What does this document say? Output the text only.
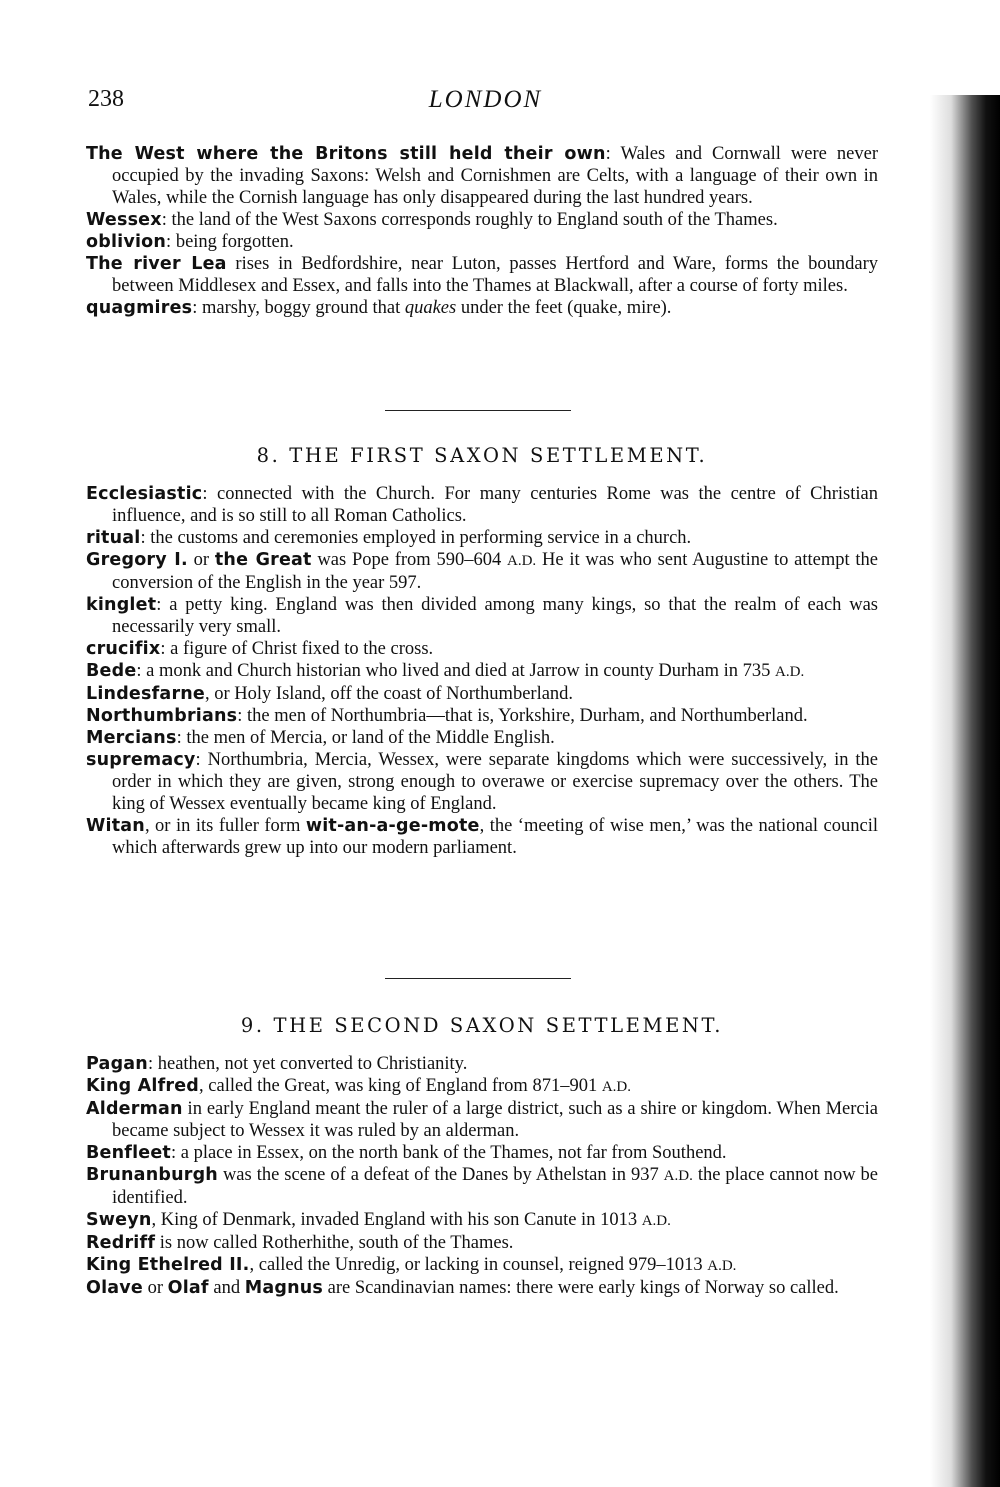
238	LONDON

The West where the Britons still held their own: Wales and Cornwall were never occupied by the invading Saxons: Welsh and Cornishmen are Celts, with a language of their own in Wales, while the Cornish language has only disappeared during the last hundred years.

Wessex: the land of the West Saxons corresponds roughly to England south of the Thames.

oblivion: being forgotten.

The river Lea rises in Bedfordshire, near Luton, passes Hertford and Ware, forms the boundary between Middlesex and Essex, and falls into the Thames at Blackwall, after a course of forty miles.

quagmires: marshy, boggy ground that quakes under the feet (quake, mire).

8. THE FIRST SAXON SETTLEMENT.

Ecclesiastic: connected with the Church. For many centuries Rome was the centre of Christian influence, and is so still to all Roman Catholics.

ritual: the customs and ceremonies employed in performing service in a church.

Gregory I. or the Great was Pope from 590–604 A.D. He it was who sent Augustine to attempt the conversion of the English in the year 597.

kinglet: a petty king. England was then divided among many kings, so that the realm of each was necessarily very small.

crucifix: a figure of Christ fixed to the cross.

Bede: a monk and Church historian who lived and died at Jarrow in county Durham in 735 A.D.

Lindesfarne, or Holy Island, off the coast of Northumberland.

Northumbrians: the men of Northumbria—that is, Yorkshire, Durham, and Northumberland.

Mercians: the men of Mercia, or land of the Middle English.

supremacy: Northumbria, Mercia, Wessex, were separate kingdoms which were successively, in the order in which they are given, strong enough to overawe or exercise supremacy over the others. The king of Wessex eventually became king of England.

Witan, or in its fuller form wit-an-a-ge-mote, the ‘meeting of wise men,’ was the national council which afterwards grew up into our modern parliament.

9. THE SECOND SAXON SETTLEMENT.

Pagan: heathen, not yet converted to Christianity.

King Alfred, called the Great, was king of England from 871–901 A.D.

Alderman in early England meant the ruler of a large district, such as a shire or kingdom. When Mercia became subject to Wessex it was ruled by an alderman.

Benfleet: a place in Essex, on the north bank of the Thames, not far from Southend.

Brunanburgh was the scene of a defeat of the Danes by Athelstan in 937 A.D. the place cannot now be identified.

Sweyn, King of Denmark, invaded England with his son Canute in 1013 A.D.

Redriff is now called Rotherhithe, south of the Thames.

King Ethelred II., called the Unredig, or lacking in counsel, reigned 979–1013 A.D.

Olave or Olaf and Magnus are Scandinavian names: there were early kings of Norway so called.
